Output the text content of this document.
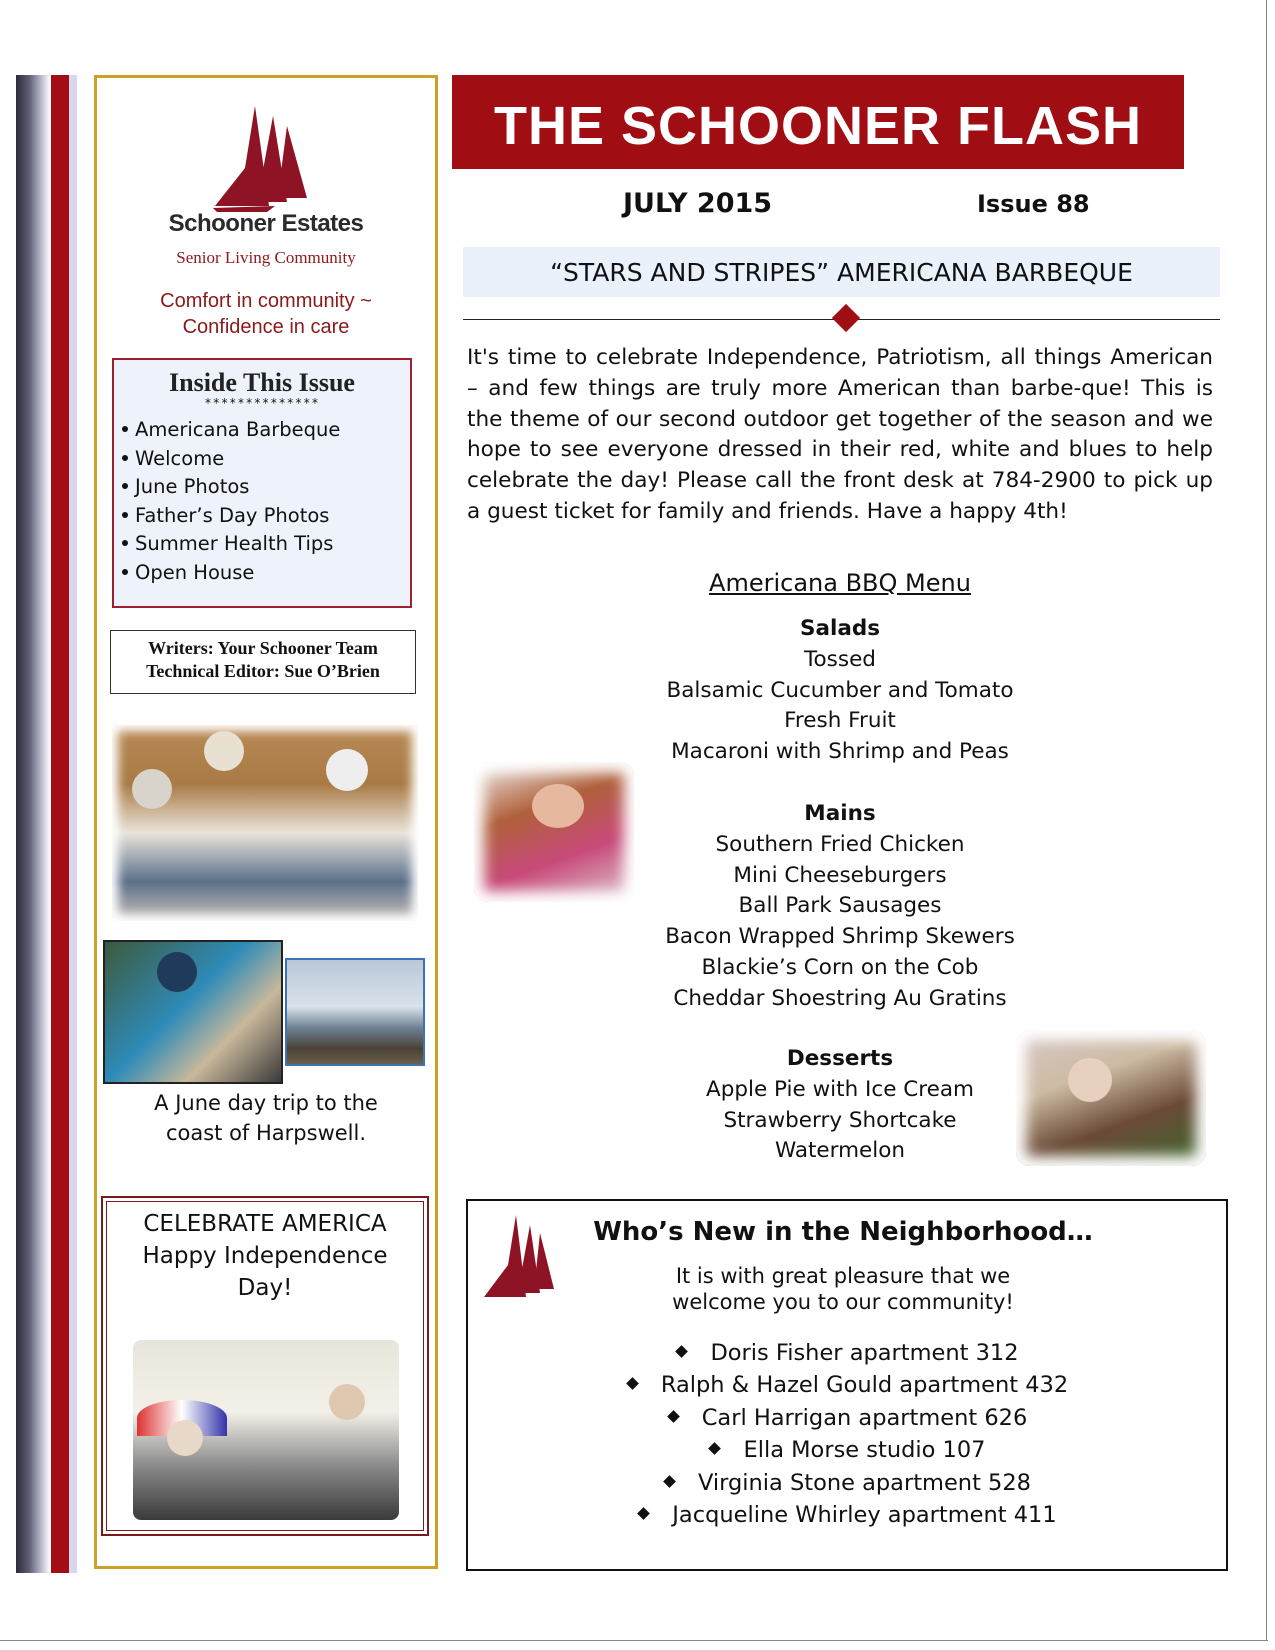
Schooner Estates
Senior Living Community
Comfort in community ~
Confidence in care
Inside This Issue
**************
Americana Barbeque
Welcome
June Photos
Father’s Day Photos
Summer Health Tips
Open House
Writers: Your Schooner Team
Technical Editor: Sue O’Brien
A June day trip to the
coast of Harpswell.
CELEBRATE AMERICA
Happy Independence
Day!
THE SCHOONER FLASH
JULY 2015	Issue 88
“STARS AND STRIPES” AMERICANA BARBEQUE
It's time to celebrate Independence, Patriotism, all things American – and few things are truly more American than barbe-que! This is the theme of our second outdoor get together of the season and we hope to see everyone dressed in their red, white and blues to help celebrate the day! Please call the front desk at 784-2900 to pick up a guest ticket for family and friends. Have a happy 4th!
Americana BBQ Menu
Salads
Tossed
Balsamic Cucumber and Tomato
Fresh Fruit
Macaroni with Shrimp and Peas
Mains
Southern Fried Chicken
Mini Cheeseburgers
Ball Park Sausages
Bacon Wrapped Shrimp Skewers
Blackie’s Corn on the Cob
Cheddar Shoestring Au Gratins
Desserts
Apple Pie with Ice Cream
Strawberry Shortcake
Watermelon
Who’s New in the Neighborhood…
It is with great pleasure that we
welcome you to our community!
Doris Fisher apartment 312
Ralph & Hazel Gould apartment 432
Carl Harrigan apartment 626
Ella Morse studio 107
Virginia Stone apartment 528
Jacqueline Whirley apartment 411
